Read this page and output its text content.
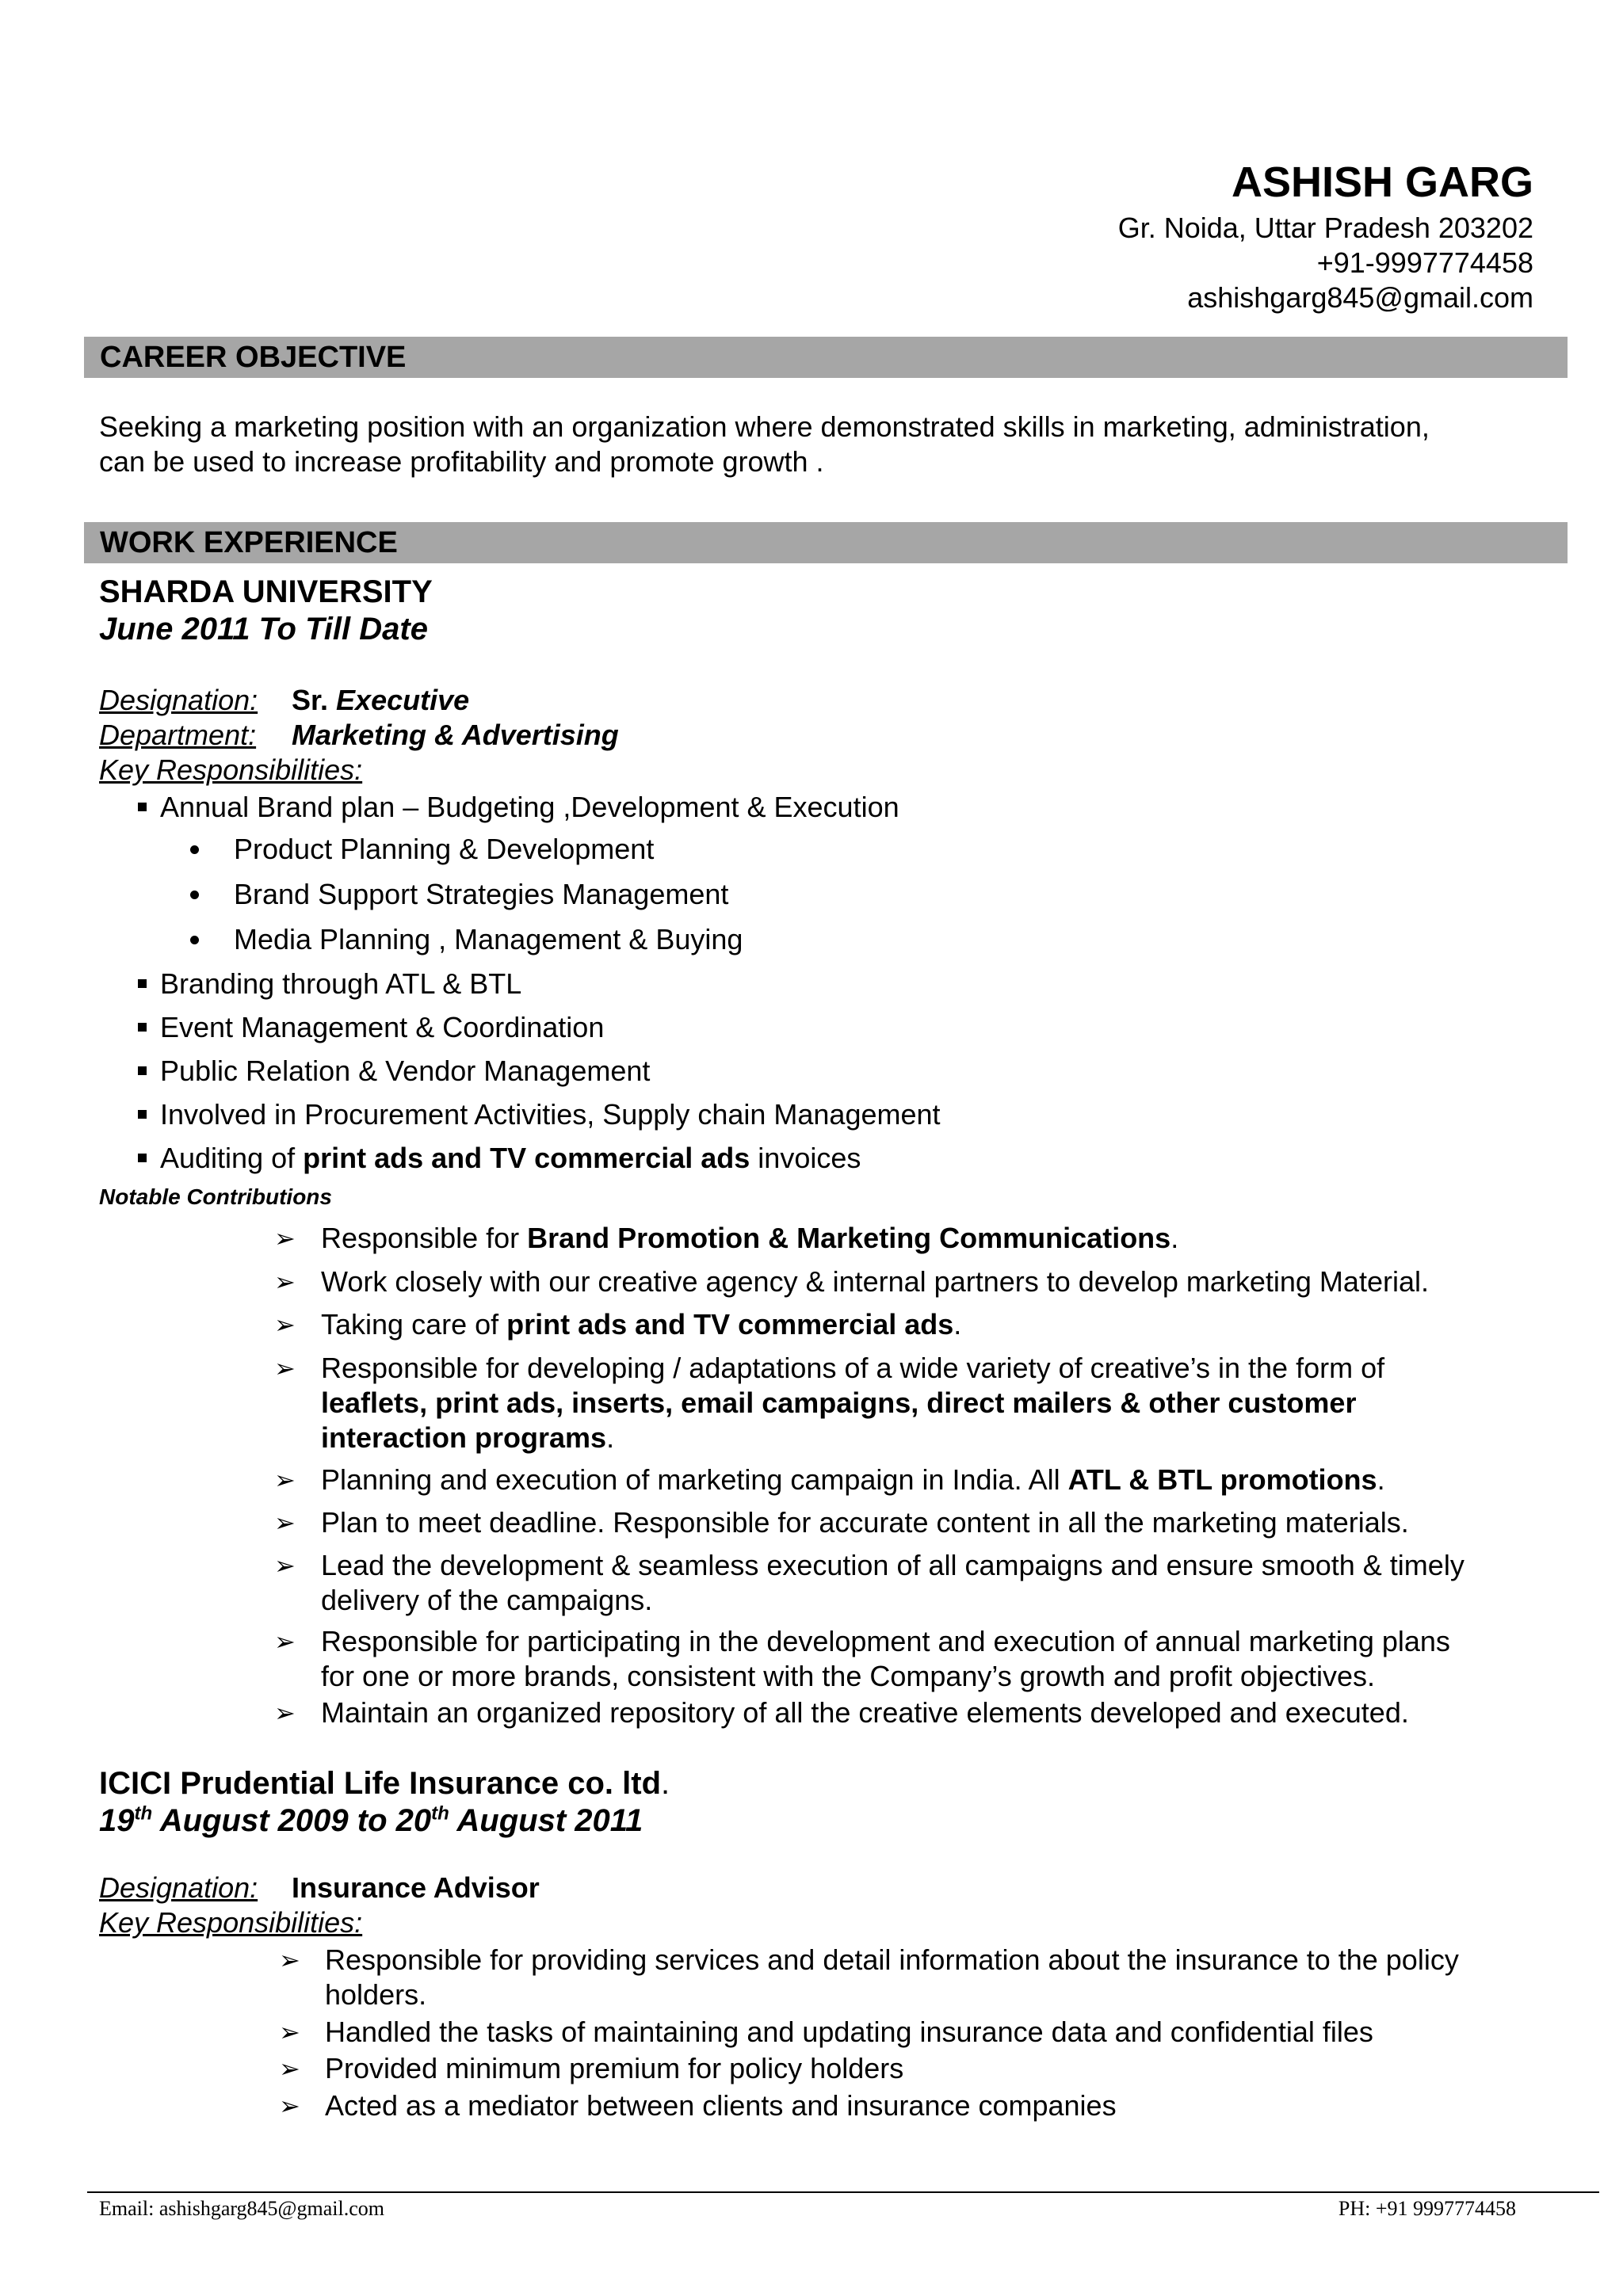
ASHISH GARG
Gr. Noida, Uttar Pradesh 203202
+91-9997774458
ashishgarg845@gmail.com
CAREER OBJECTIVE
Seeking a marketing position with an organization where demonstrated skills in marketing, administration,
can be used to increase profitability and promote growth .
WORK EXPERIENCE
SHARDA UNIVERSITY
June 2011 To Till Date
Designation: Sr. Executive
Department: Marketing & Advertising
Key Responsibilities:
Annual Brand plan – Budgeting ,Development & Execution
Product Planning & Development
Brand Support Strategies Management
Media Planning , Management & Buying
Branding through ATL & BTL
Event Management & Coordination
Public Relation & Vendor Management
Involved in Procurement Activities, Supply chain Management
Auditing of print ads and TV commercial ads invoices
Notable Contributions
➢ Responsible for Brand Promotion & Marketing Communications.
➢ Work closely with our creative agency & internal partners to develop marketing Material.
➢ Taking care of print ads and TV commercial ads.
➢ Responsible for developing / adaptations of a wide variety of creative’s in the form of
leaflets, print ads, inserts, email campaigns, direct mailers & other customer
interaction programs.
➢ Planning and execution of marketing campaign in India. All ATL & BTL promotions.
➢ Plan to meet deadline. Responsible for accurate content in all the marketing materials.
➢ Lead the development & seamless execution of all campaigns and ensure smooth & timely
delivery of the campaigns.
➢ Responsible for participating in the development and execution of annual marketing plans
for one or more brands, consistent with the Company’s growth and profit objectives.
➢ Maintain an organized repository of all the creative elements developed and executed.
ICICI Prudential Life Insurance co. ltd.
19th August 2009 to 20th August 2011
Designation: Insurance Advisor
Key Responsibilities:
➢ Responsible for providing services and detail information about the insurance to the policy
holders.
➢ Handled the tasks of maintaining and updating insurance data and confidential files
➢ Provided minimum premium for policy holders
➢ Acted as a mediator between clients and insurance companies
Email: ashishgarg845@gmail.com	PH: +91 9997774458
